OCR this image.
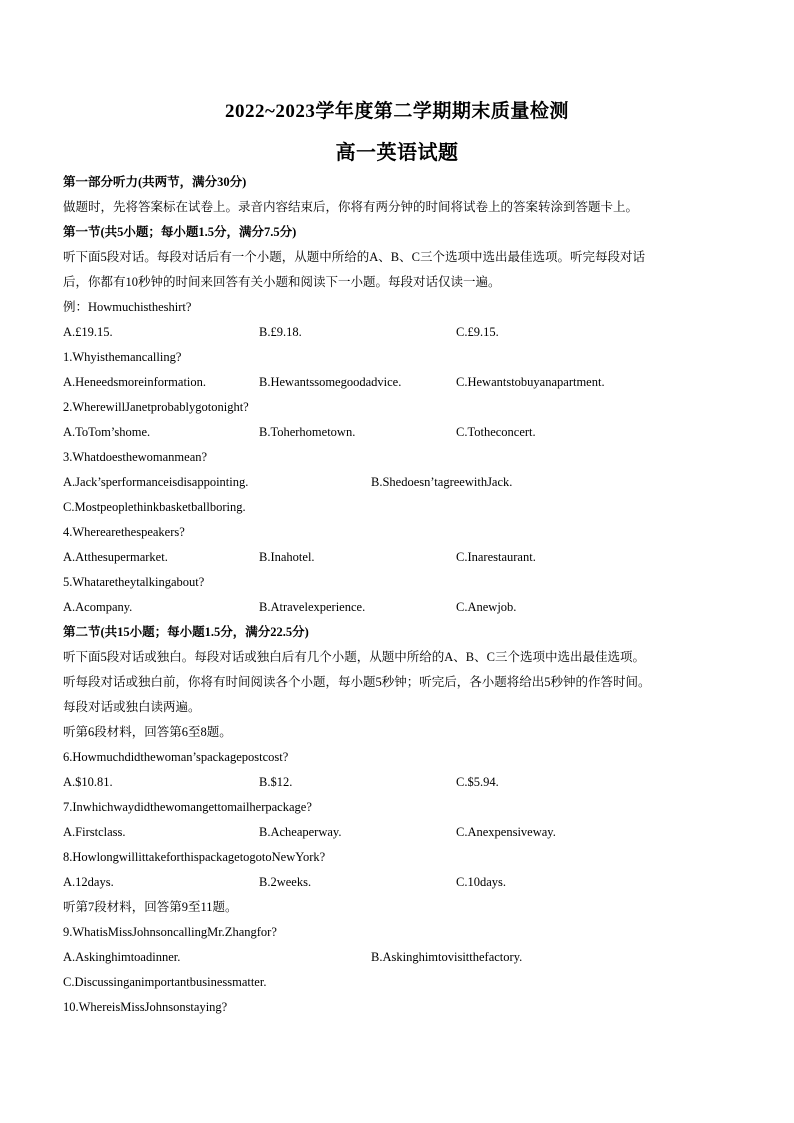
2022~2023学年度第二学期期末质量检测
高一英语试题
第一部分听力(共两节，满分30分)
做题时，先将答案标在试卷上。录音内容结束后，你将有两分钟的时间将试卷上的答案转涂到答题卡上。
第一节(共5小题；每小题1.5分，满分7.5分)
听下面5段对话。每段对话后有一个小题，从题中所给的A、B、C三个选项中选出最佳选项。听完每段对话
后，你都有10秒钟的时间来回答有关小题和阅读下一小题。每段对话仅读一遍。
例：Howmuchistheshirt?
A.£19.15.	B.£9.18.	C.£9.15.
1.Whyisthemancalling?
A.Heneedsmoreinformation.	B.Hewantssomegoodadvice.	C.Hewantstobuyanapartment.
2.WherewillJanetprobablygotonight?
A.ToTom’shome.	B.Toherhometown.	C.Totheconcert.
3.Whatdoesthewomanmean?
A.Jack’sperformanceisdisappointing.	B.Shedoesn’tagreewithJack.
C.Mostpeoplethinkbasketballboring.
4.Wherearethespeakers?
A.Atthesupermarket.	B.Inahotel.	C.Inarestaurant.
5.Whataretheytalkingabout?
A.Acompany.	B.Atravelexperience.	C.Anewjob.
第二节(共15小题；每小题1.5分，满分22.5分)
听下面5段对话或独白。每段对话或独白后有几个小题，从题中所给的A、B、C三个选项中选出最佳选项。
听每段对话或独白前，你将有时间阅读各个小题，每小题5秒钟；听完后，各小题将给出5秒钟的作答时间。
每段对话或独白读两遍。
听第6段材料，回答第6至8题。
6.Howmuchdidthewoman’spackagepostcost?
A.$10.81.	B.$12.	C.$5.94.
7.Inwhichwaydidthewomangettomailherpackage?
A.Firstclass.	B.Acheaperway.	C.Anexpensiveway.
8.HowlongwillittakeforthispackagetogotoNewYork?
A.12days.	B.2weeks.	C.10days.
听第7段材料，回答第9至11题。
9.WhatisMissJohnsoncallingMr.Zhangfor?
A.Askinghimtoadinner.	B.Askinghimtovisitthefactory.
C.Discussinganimportantbusinessmatter.
10.WhereisMissJohnsonstaying?
